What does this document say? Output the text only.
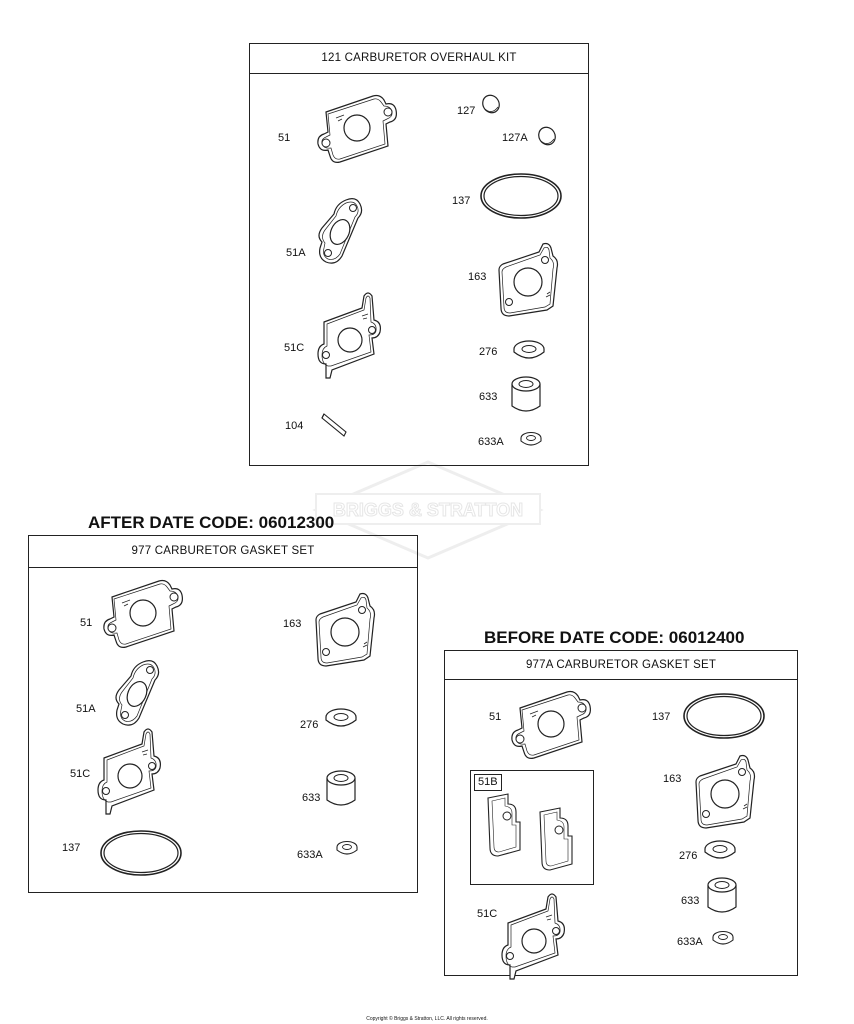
BRIGGS & STRATTON
121 CARBURETOR OVERHAUL KIT
51
51A
51C
104
127
127A
137
163
276
633
633A
AFTER DATE CODE: 06012300
977 CARBURETOR GASKET SET
51
51A
51C
137
163
276
633
633A
BEFORE DATE CODE: 06012400
977A CARBURETOR GASKET SET
51
51B
51C
137
163
276
633
633A
Copyright © Briggs & Stratton, LLC. All rights reserved.
